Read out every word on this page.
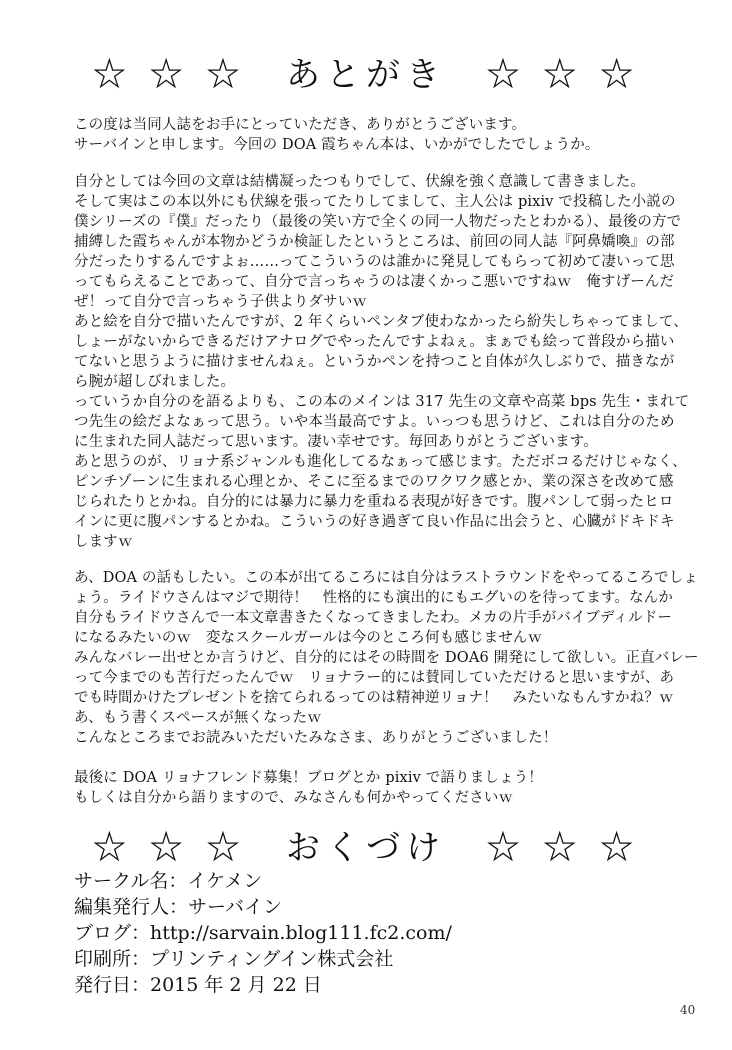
☆ ☆ ☆　あとがき　☆ ☆ ☆
この度は当同人誌をお手にとっていただき、ありがとうございます。
サーバインと申します。今回の DOA 霞ちゃん本は、いかがでしたでしょうか。
自分としては今回の文章は結構凝ったつもりでして、伏線を強く意識して書きました。
そして実はこの本以外にも伏線を張ってたりしてまして、主人公は pixiv で投稿した小説の
僕シリーズの『僕』だったり（最後の笑い方で全くの同一人物だったとわかる）、最後の方で
捕縛した霞ちゃんが本物かどうか検証したというところは、前回の同人誌『阿鼻嬌喚』の部
分だったりするんですよぉ……ってこういうのは誰かに発見してもらって初めて凄いって思
ってもらえることであって、自分で言っちゃうのは凄くかっこ悪いですねｗ　俺すげーんだ
ぜ！って自分で言っちゃう子供よりダサいｗ
あと絵を自分で描いたんですが、2 年くらいペンタブ使わなかったら紛失しちゃってまして、
しょーがないからできるだけアナログでやったんですよねぇ。まぁでも絵って普段から描い
てないと思うように描けませんねぇ。というかペンを持つこと自体が久しぶりで、描きなが
ら腕が超しびれました。
っていうか自分のを語るよりも、この本のメインは 317 先生の文章や高菜 bps 先生・まれて
つ先生の絵だよなぁって思う。いや本当最高ですよ。いっつも思うけど、これは自分のため
に生まれた同人誌だって思います。凄い幸せです。毎回ありがとうございます。
あと思うのが、リョナ系ジャンルも進化してるなぁって感じます。ただボコるだけじゃなく、
ピンチゾーンに生まれる心理とか、そこに至るまでのワクワク感とか、業の深さを改めて感
じられたりとかね。自分的には暴力に暴力を重ねる表現が好きです。腹パンして弱ったヒロ
インに更に腹パンするとかね。こういうの好き過ぎて良い作品に出会うと、心臓がドキドキ
しますｗ
あ、DOA の話もしたい。この本が出てるころには自分はラストラウンドをやってるころでしょ
ょう。ライドウさんはマジで期待！　性格的にも演出的にもエグいのを待ってます。なんか
自分もライドウさんで一本文章書きたくなってきましたわ。メカの片手がバイブディルドー
になるみたいのｗ　変なスクールガールは今のところ何も感じませんｗ
みんなバレー出せとか言うけど、自分的にはその時間を DOA6 開発にして欲しい。正直バレー
って今までのも苦行だったんでｗ　リョナラー的には賛同していただけると思いますが、あ
でも時間かけたプレゼントを捨てられるってのは精神逆リョナ！　みたいなもんすかね？ｗ
あ、もう書くスペースが無くなったｗ
こんなところまでお読みいただいたみなさま、ありがとうございました！
最後に DOA リョナフレンド募集！ブログとか pixiv で語りましょう！
もしくは自分から語りますので、みなさんも何かやってくださいｗ
☆ ☆ ☆　おくづけ　☆ ☆ ☆
サークル名：イケメン
編集発行人：サーバイン
ブログ：http://sarvain.blog111.fc2.com/
印刷所：プリンティングイン株式会社
発行日：2015 年 2 月 22 日
40
